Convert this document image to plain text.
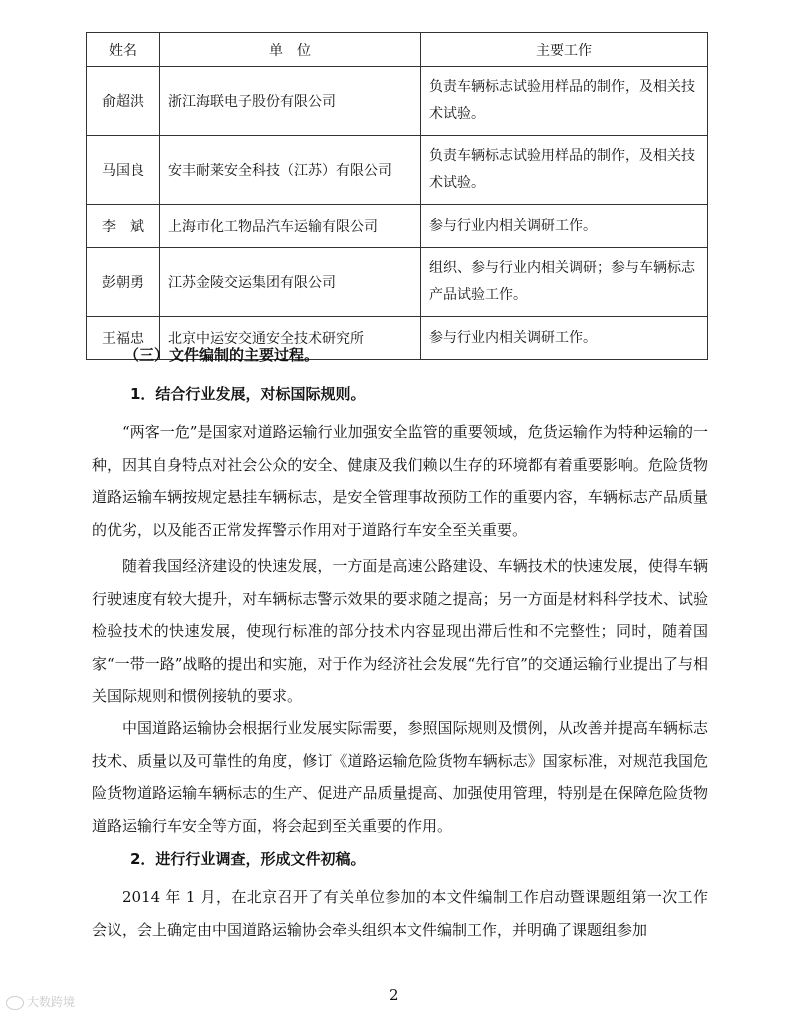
姓名	单　位	主要工作
俞超洪	浙江海联电子股份有限公司	负责车辆标志试验用样品的制作，及相关技术试验。
马国良	安丰耐莱安全科技（江苏）有限公司	负责车辆标志试验用样品的制作，及相关技术试验。
李　斌	上海市化工物品汽车运输有限公司	参与行业内相关调研工作。
彭朝勇	江苏金陵交运集团有限公司	组织、参与行业内相关调研；参与车辆标志产品试验工作。
王福忠	北京中运安交通安全技术研究所	参与行业内相关调研工作。
（三）文件编制的主要过程。
1．结合行业发展，对标国际规则。

“两客一危”是国家对道路运输行业加强安全监管的重要领域，危货运输作为特种运输的一种，因其自身特点对社会公众的安全、健康及我们赖以生存的环境都有着重要影响。危险货物道路运输车辆按规定悬挂车辆标志，是安全管理事故预防工作的重要内容，车辆标志产品质量的优劣，以及能否正常发挥警示作用对于道路行车安全至关重要。

随着我国经济建设的快速发展，一方面是高速公路建设、车辆技术的快速发展，使得车辆行驶速度有较大提升，对车辆标志警示效果的要求随之提高；另一方面是材料科学技术、试验检验技术的快速发展，使现行标准的部分技术内容显现出滞后性和不完整性；同时，随着国家“一带一路”战略的提出和实施，对于作为经济社会发展“先行官”的交通运输行业提出了与相关国际规则和惯例接轨的要求。

中国道路运输协会根据行业发展实际需要，参照国际规则及惯例，从改善并提高车辆标志技术、质量以及可靠性的角度，修订《道路运输危险货物车辆标志》国家标准，对规范我国危险货物道路运输车辆标志的生产、促进产品质量提高、加强使用管理，特别是在保障危险货物道路运输行车安全等方面，将会起到至关重要的作用。

2．进行行业调查，形成文件初稿。

2014 年 1 月，在北京召开了有关单位参加的本文件编制工作启动暨课题组第一次工作会议，会上确定由中国道路运输协会牵头组织本文件编制工作，并明确了课题组参加

2
大数跨境
